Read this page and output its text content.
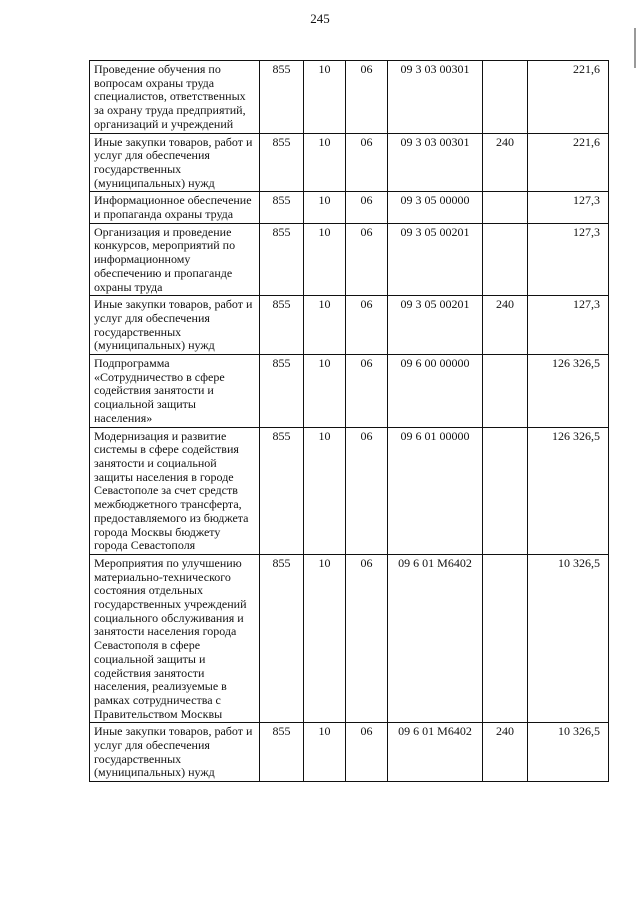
245
Проведение обучения по вопросам охраны труда специалистов, ответственных за охрану труда предприятий, организаций и учреждений	855	10	06	09 3 03 00301		221,6
Иные закупки товаров, работ и услуг для обеспечения государственных (муниципальных) нужд	855	10	06	09 3 03 00301	240	221,6
Информационное обеспечение и пропаганда охраны труда	855	10	06	09 3 05 00000		127,3
Организация и проведение конкурсов, мероприятий по информационному обеспечению и пропаганде охраны труда	855	10	06	09 3 05 00201		127,3
Иные закупки товаров, работ и услуг для обеспечения государственных (муниципальных) нужд	855	10	06	09 3 05 00201	240	127,3
Подпрограмма «Сотрудничество в сфере содействия занятости и социальной защиты населения»	855	10	06	09 6 00 00000		126 326,5
Модернизация и развитие системы в сфере содействия занятости и социальной защиты населения в городе Севастополе за счет средств межбюджетного трансферта, предоставляемого из бюджета города Москвы бюджету города Севастополя	855	10	06	09 6 01 00000		126 326,5
Мероприятия по улучшению материально-технического состояния отдельных государственных учреждений социального обслуживания и занятости населения города Севастополя в сфере социальной защиты и содействия занятости населения, реализуемые в рамках сотрудничества с Правительством Москвы	855	10	06	09 6 01 М6402		10 326,5
Иные закупки товаров, работ и услуг для обеспечения государственных (муниципальных) нужд	855	10	06	09 6 01 М6402	240	10 326,5
